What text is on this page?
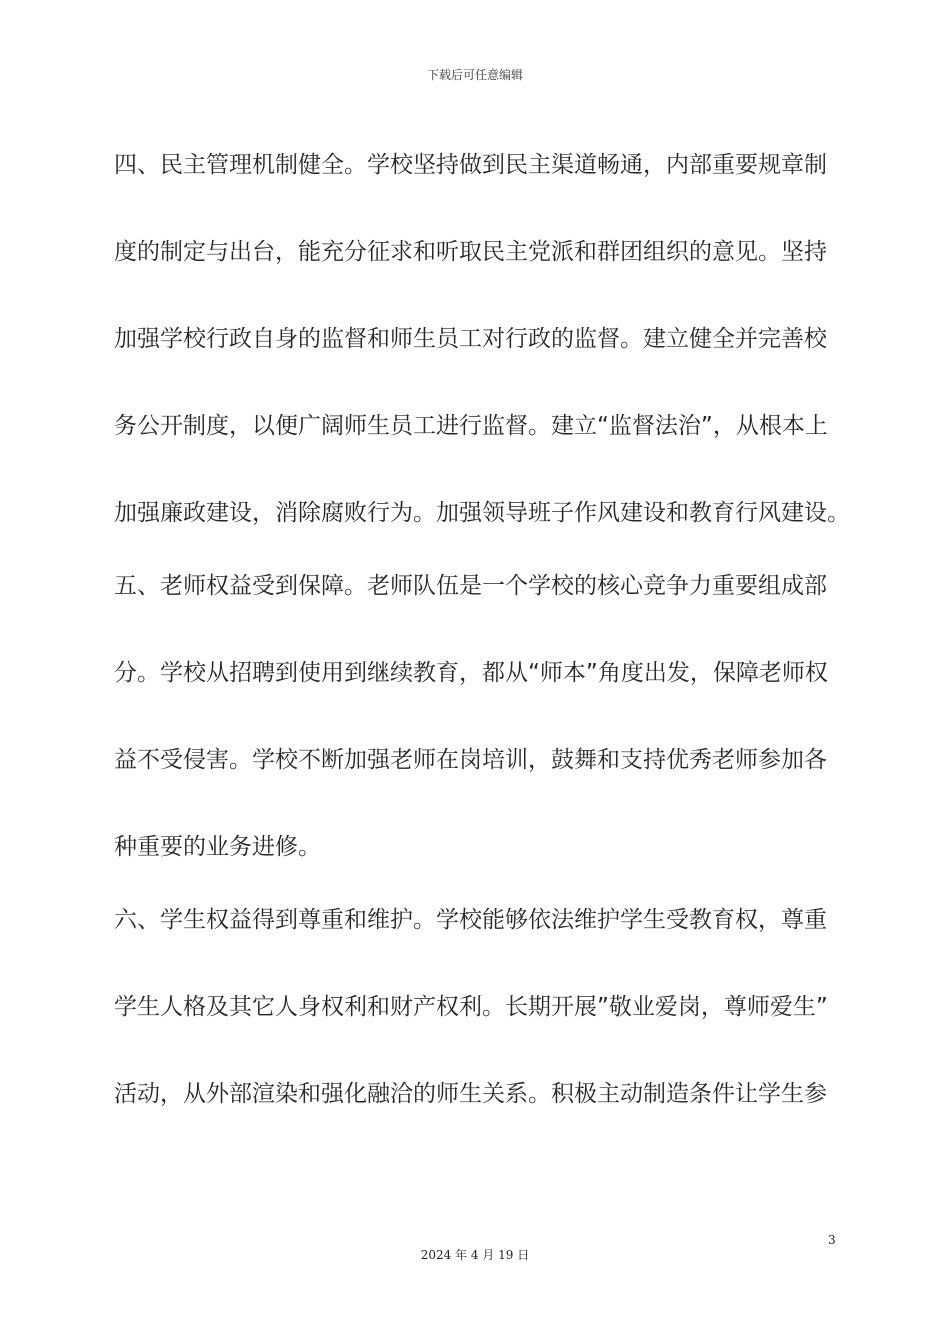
下载后可任意编辑
四、民主管理机制健全。学校坚持做到民主渠道畅通，内部重要规章制
度的制定与出台，能充分征求和听取民主党派和群团组织的意见。坚持
加强学校行政自身的监督和师生员工对行政的监督。建立健全并完善校
务公开制度，以便广阔师生员工进行监督。建立“监督法治”，从根本上
加强廉政建设，消除腐败行为。加强领导班子作风建设和教育行风建设。
五、老师权益受到保障。老师队伍是一个学校的核心竞争力重要组成部
分。学校从招聘到使用到继续教育，都从“师本”角度出发，保障老师权
益不受侵害。学校不断加强老师在岗培训，鼓舞和支持优秀老师参加各
种重要的业务进修。
六、学生权益得到尊重和维护。学校能够依法维护学生受教育权，尊重
学生人格及其它人身权利和财产权利。长期开展”敬业爱岗，尊师爱生”
活动，从外部渲染和强化融洽的师生关系。积极主动制造条件让学生参
3
2024 年 4 月 19 日
